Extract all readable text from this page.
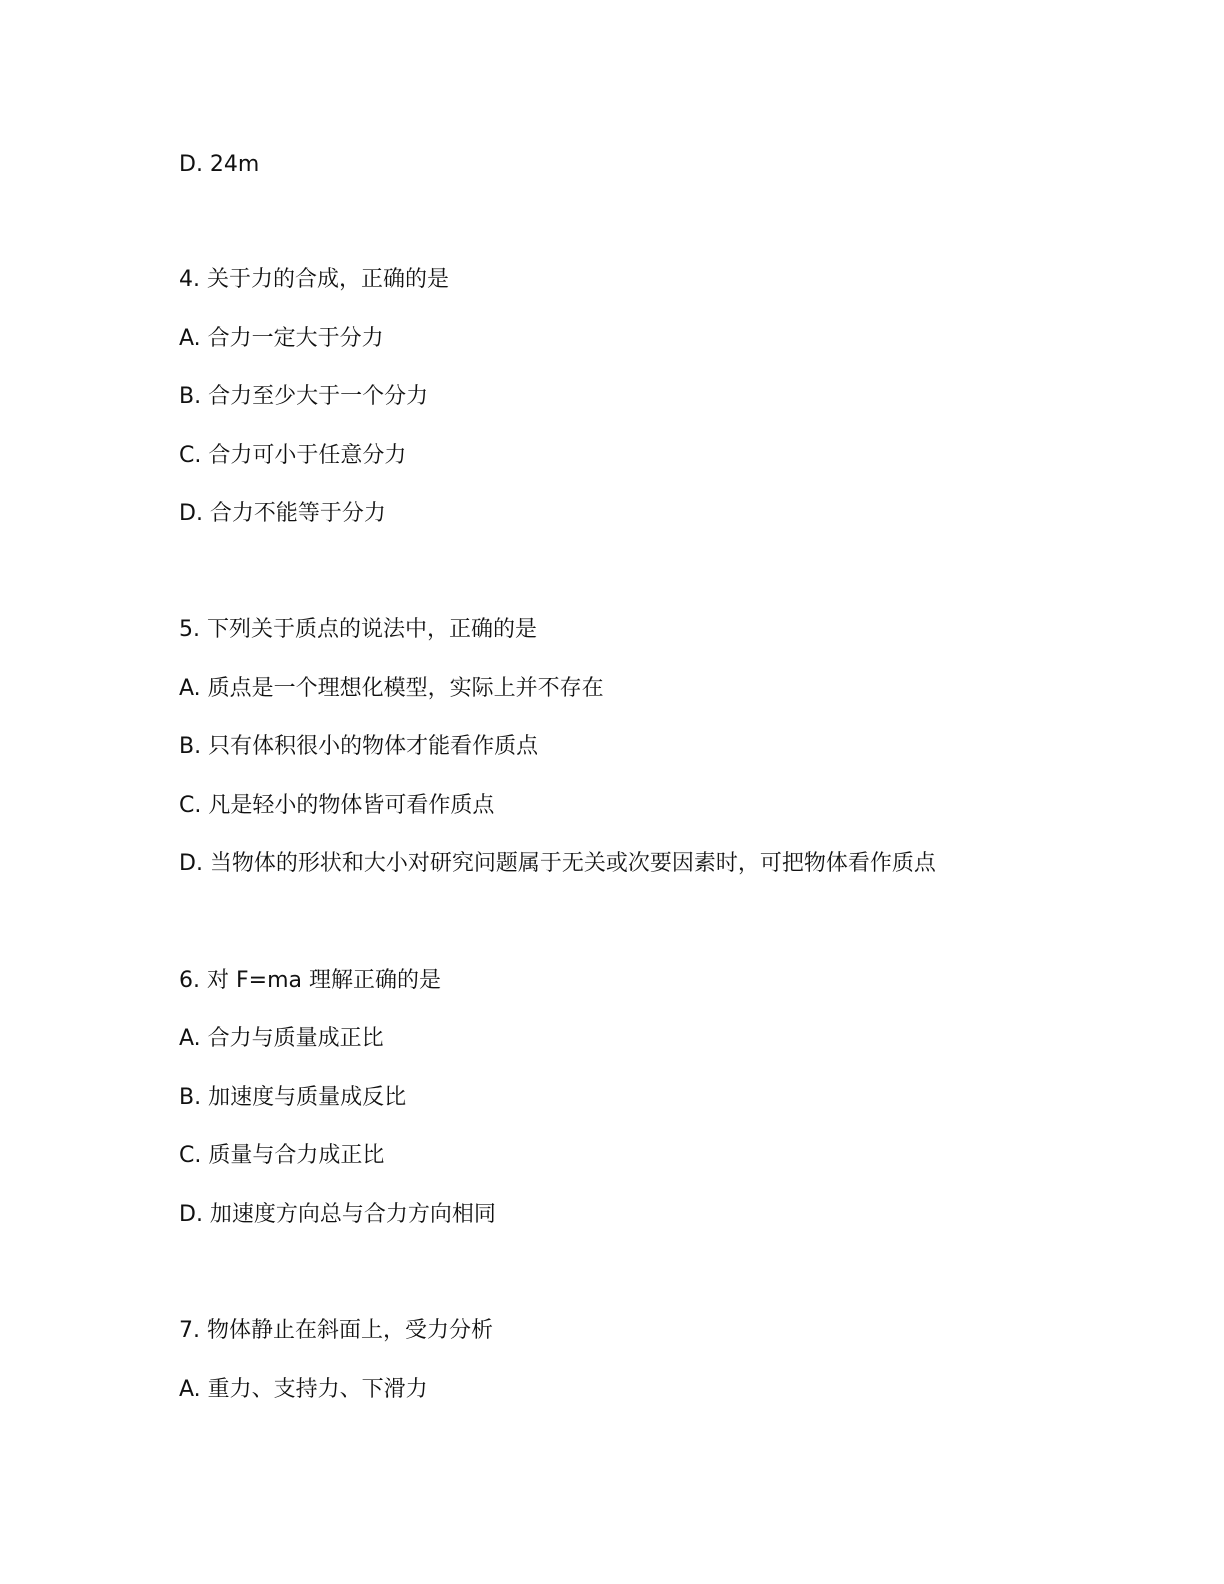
D. 24m
4. 关于力的合成，正确的是
A. 合力一定大于分力
B. 合力至少大于一个分力
C. 合力可小于任意分力
D. 合力不能等于分力
5. 下列关于质点的说法中，正确的是
A. 质点是一个理想化模型，实际上并不存在
B. 只有体积很小的物体才能看作质点
C. 凡是轻小的物体皆可看作质点
D. 当物体的形状和大小对研究问题属于无关或次要因素时，可把物体看作质点
6. 对 F=ma 理解正确的是
A. 合力与质量成正比
B. 加速度与质量成反比
C. 质量与合力成正比
D. 加速度方向总与合力方向相同
7. 物体静止在斜面上，受力分析
A. 重力、支持力、下滑力
